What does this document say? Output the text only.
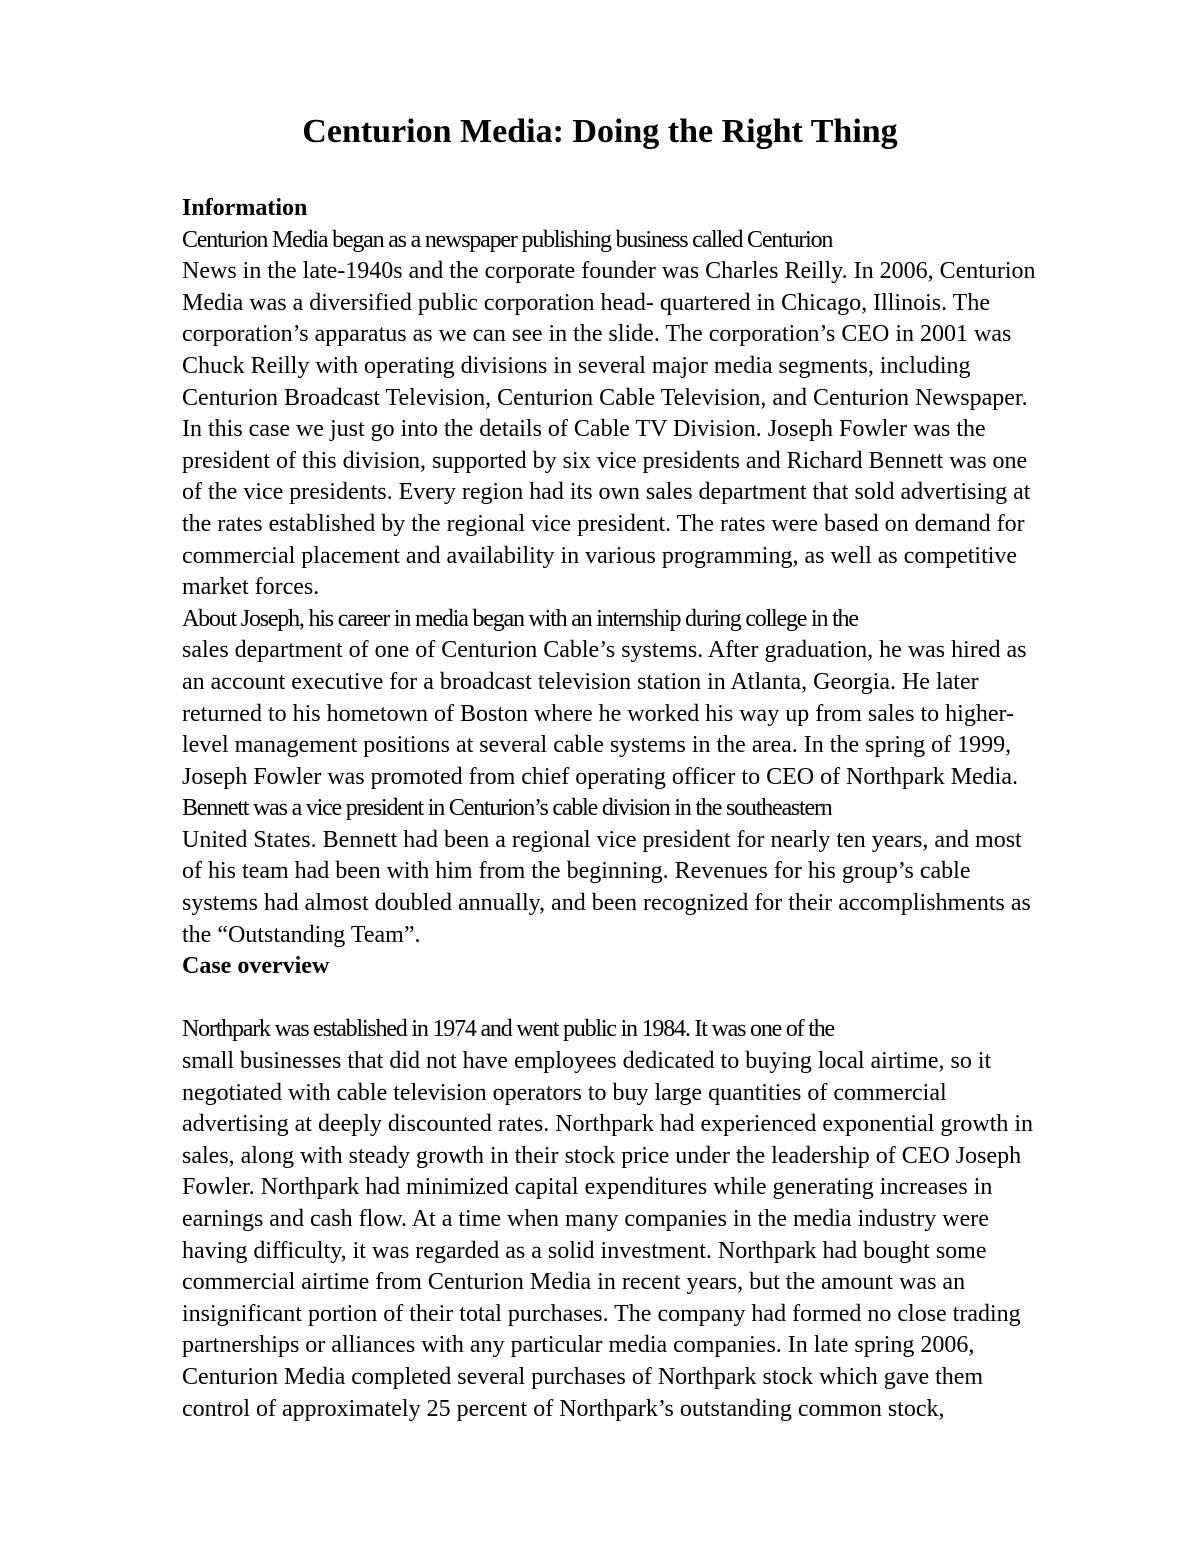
Centurion Media: Doing the Right Thing

Information

Centurion Media began as a newspaper publishing business called Centurion
News in the late-1940s and the corporate founder was Charles Reilly. In 2006, Centurion
Media was a diversified public corporation head- quartered in Chicago, Illinois. The
corporation’s apparatus as we can see in the slide. The corporation’s CEO in 2001 was
Chuck Reilly with operating divisions in several major media segments, including
Centurion Broadcast Television, Centurion Cable Television, and Centurion Newspaper.
In this case we just go into the details of Cable TV Division. Joseph Fowler was the
president of this division, supported by six vice presidents and Richard Bennett was one
of the vice presidents. Every region had its own sales department that sold advertising at
the rates established by the regional vice president. The rates were based on demand for
commercial placement and availability in various programming, as well as competitive
market forces.

About Joseph, his career in media began with an internship during college in the
sales department of one of Centurion Cable’s systems. After graduation, he was hired as
an account executive for a broadcast television station in Atlanta, Georgia. He later
returned to his hometown of Boston where he worked his way up from sales to higher-
level management positions at several cable systems in the area. In the spring of 1999,
Joseph Fowler was promoted from chief operating officer to CEO of Northpark Media.

Bennett was a vice president in Centurion’s cable division in the southeastern
United States. Bennett had been a regional vice president for nearly ten years, and most
of his team had been with him from the beginning. Revenues for his group’s cable
systems had almost doubled annually, and been recognized for their accomplishments as
the “Outstanding Team”.

Case overview

Northpark was established in 1974 and went public in 1984. It was one of the
small businesses that did not have employees dedicated to buying local airtime, so it
negotiated with cable television operators to buy large quantities of commercial
advertising at deeply discounted rates. Northpark had experienced exponential growth in
sales, along with steady growth in their stock price under the leadership of CEO Joseph
Fowler. Northpark had minimized capital expenditures while generating increases in
earnings and cash flow. At a time when many companies in the media industry were
having difficulty, it was regarded as a solid investment. Northpark had bought some
commercial airtime from Centurion Media in recent years, but the amount was an
insignificant portion of their total purchases. The company had formed no close trading
partnerships or alliances with any particular media companies. In late spring 2006,
Centurion Media completed several purchases of Northpark stock which gave them
control of approximately 25 percent of Northpark’s outstanding common stock,
